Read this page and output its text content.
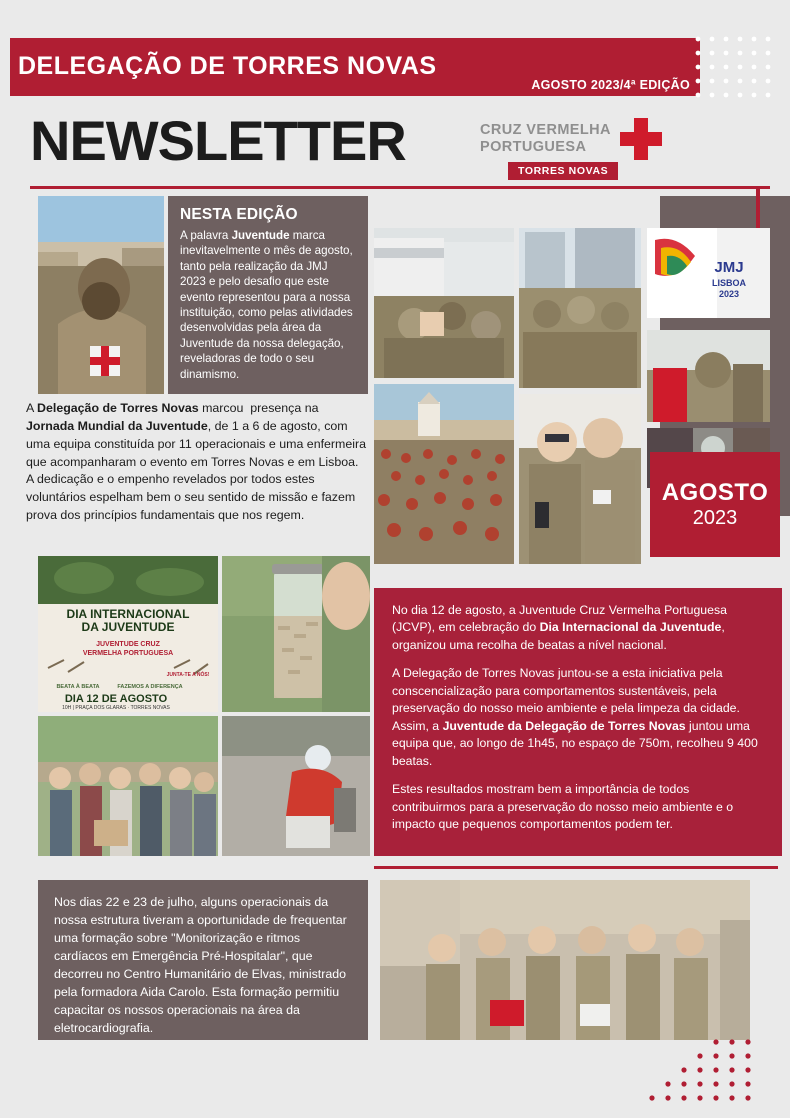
DELEGAÇÃO DE TORRES NOVAS
AGOSTO 2023/4ª EDIÇÃO
NEWSLETTER	CRUZ VERMELHA
PORTUGUESA
TORRES NOVAS
NESTA EDIÇÃO

A palavra Juventude marca inevitavelmente o mês de agosto, tanto pela realização da JMJ 2023 e pelo desafio que este evento representou para a nossa instituição, como pelas atividades desenvolvidas pela área da Juventude da nossa delegação, reveladoras de todo o seu dinamismo.

A Delegação de Torres Novas marcou  presença na Jornada Mundial da Juventude, de 1 a 6 de agosto, com uma equipa constituída por 11 operacionais e uma enfermeira que acompanharam o evento em Torres Novas e em Lisboa.  A dedicação e o empenho revelados por todos estes voluntários espelham bem o seu sentido de missão e fazem prova dos princípios fundamentais que nos regem.
JMJ
LISBOA
2023
AGOSTO
2023
DIA INTERNACIONAL
DA JUVENTUDE
JUVENTUDE CRUZ
VERMELHA PORTUGUESA
BEATA À BEATA	FAZEMOS A DIFERENÇA
JUNTA-TE A NÓS!
DIA 12 DE AGOSTO
10H | PRAÇA DOS GLARAS · TORRES NOVAS

No dia 12 de agosto, a Juventude Cruz Vermelha Portuguesa (JCVP), em celebração do Dia Internacional da Juventude, organizou uma recolha de beatas a nível nacional.

A Delegação de Torres Novas juntou-se a esta iniciativa pela conscencialização para comportamentos sustentáveis, pela preservação do nosso meio ambiente e pela limpeza da cidade. Assim, a Juventude da Delegação de Torres Novas juntou uma equipa que, ao longo de 1h45, no espaço de 750m, recolheu 9 400 beatas.

Estes resultados mostram bem a importância de todos contribuirmos para a preservação do nosso meio ambiente e o impacto que pequenos comportamentos podem ter.

Nos dias 22 e 23 de julho, alguns operacionais da nossa estrutura tiveram a oportunidade de frequentar uma formação sobre "Monitorização e ritmos cardíacos em Emergência Pré-Hospitalar", que decorreu no Centro Humanitário de Elvas, ministrado pela formadora Aida Carolo. Esta formação permitiu capacitar os nossos operacionais na área da eletrocardiografia.
